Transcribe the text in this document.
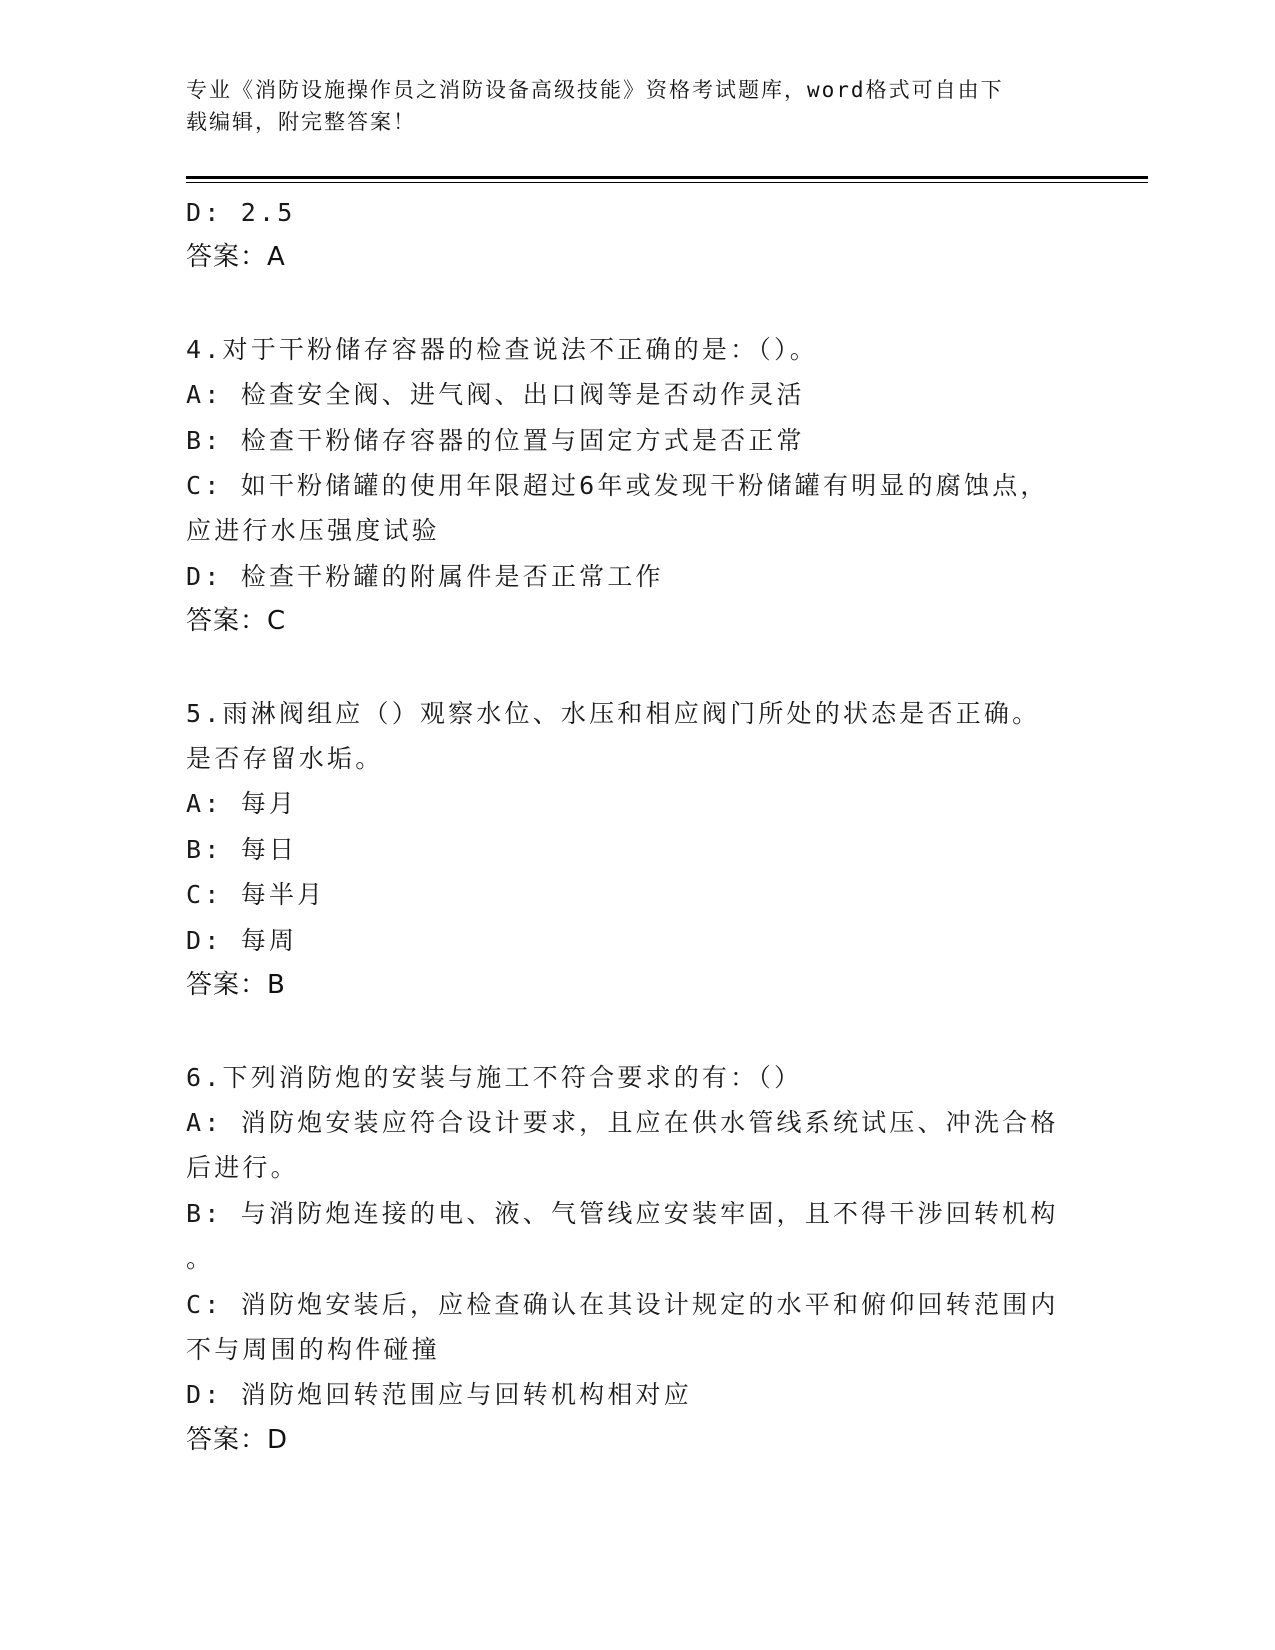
专业《消防设施操作员之消防设备高级技能》资格考试题库，word格式可自由下
载编辑，附完整答案！
D: 2.5
答案：A
4.对于干粉储存容器的检查说法不正确的是：（）。
A: 检查安全阀、进气阀、出口阀等是否动作灵活
B: 检查干粉储存容器的位置与固定方式是否正常
C: 如干粉储罐的使用年限超过6年或发现干粉储罐有明显的腐蚀点，
应进行水压强度试验
D: 检查干粉罐的附属件是否正常工作
答案：C
5.雨淋阀组应（）观察水位、水压和相应阀门所处的状态是否正确。
是否存留水垢。
A: 每月
B: 每日
C: 每半月
D: 每周
答案：B
6.下列消防炮的安装与施工不符合要求的有：（）
A: 消防炮安装应符合设计要求，且应在供水管线系统试压、冲洗合格
后进行。
B: 与消防炮连接的电、液、气管线应安装牢固，且不得干涉回转机构
。
C: 消防炮安装后，应检查确认在其设计规定的水平和俯仰回转范围内
不与周围的构件碰撞
D: 消防炮回转范围应与回转机构相对应
答案：D
